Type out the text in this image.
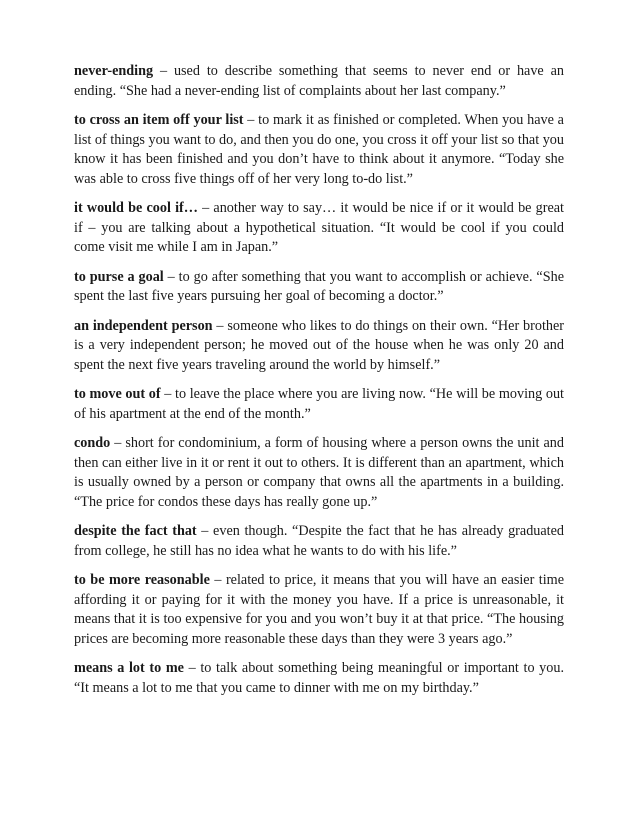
never-ending – used to describe something that seems to never end or have an ending. “She had a never-ending list of complaints about her last company.”

to cross an item off your list – to mark it as finished or completed. When you have a list of things you want to do, and then you do one, you cross it off your list so that you know it has been finished and you don’t have to think about it anymore. “Today she was able to cross five things off of her very long to-do list.”

it would be cool if… – another way to say… it would be nice if or it would be great if – you are talking about a hypothetical situation. “It would be cool if you could come visit me while I am in Japan.”

to purse a goal – to go after something that you want to accomplish or achieve. “She spent the last five years pursuing her goal of becoming a doctor.”

an independent person – someone who likes to do things on their own. “Her brother is a very independent person; he moved out of the house when he was only 20 and spent the next five years traveling around the world by himself.”

to move out of – to leave the place where you are living now. “He will be moving out of his apartment at the end of the month.”

condo – short for condominium, a form of housing where a person owns the unit and then can either live in it or rent it out to others. It is different than an apartment, which is usually owned by a person or company that owns all the apartments in a building. “The price for condos these days has really gone up.”

despite the fact that – even though. “Despite the fact that he has already graduated from college, he still has no idea what he wants to do with his life.”

to be more reasonable – related to price, it means that you will have an easier time affording it or paying for it with the money you have. If a price is unreasonable, it means that it is too expensive for you and you won’t buy it at that price. “The housing prices are becoming more reasonable these days than they were 3 years ago.”

means a lot to me – to talk about something being meaningful or important to you. “It means a lot to me that you came to dinner with me on my birthday.”
